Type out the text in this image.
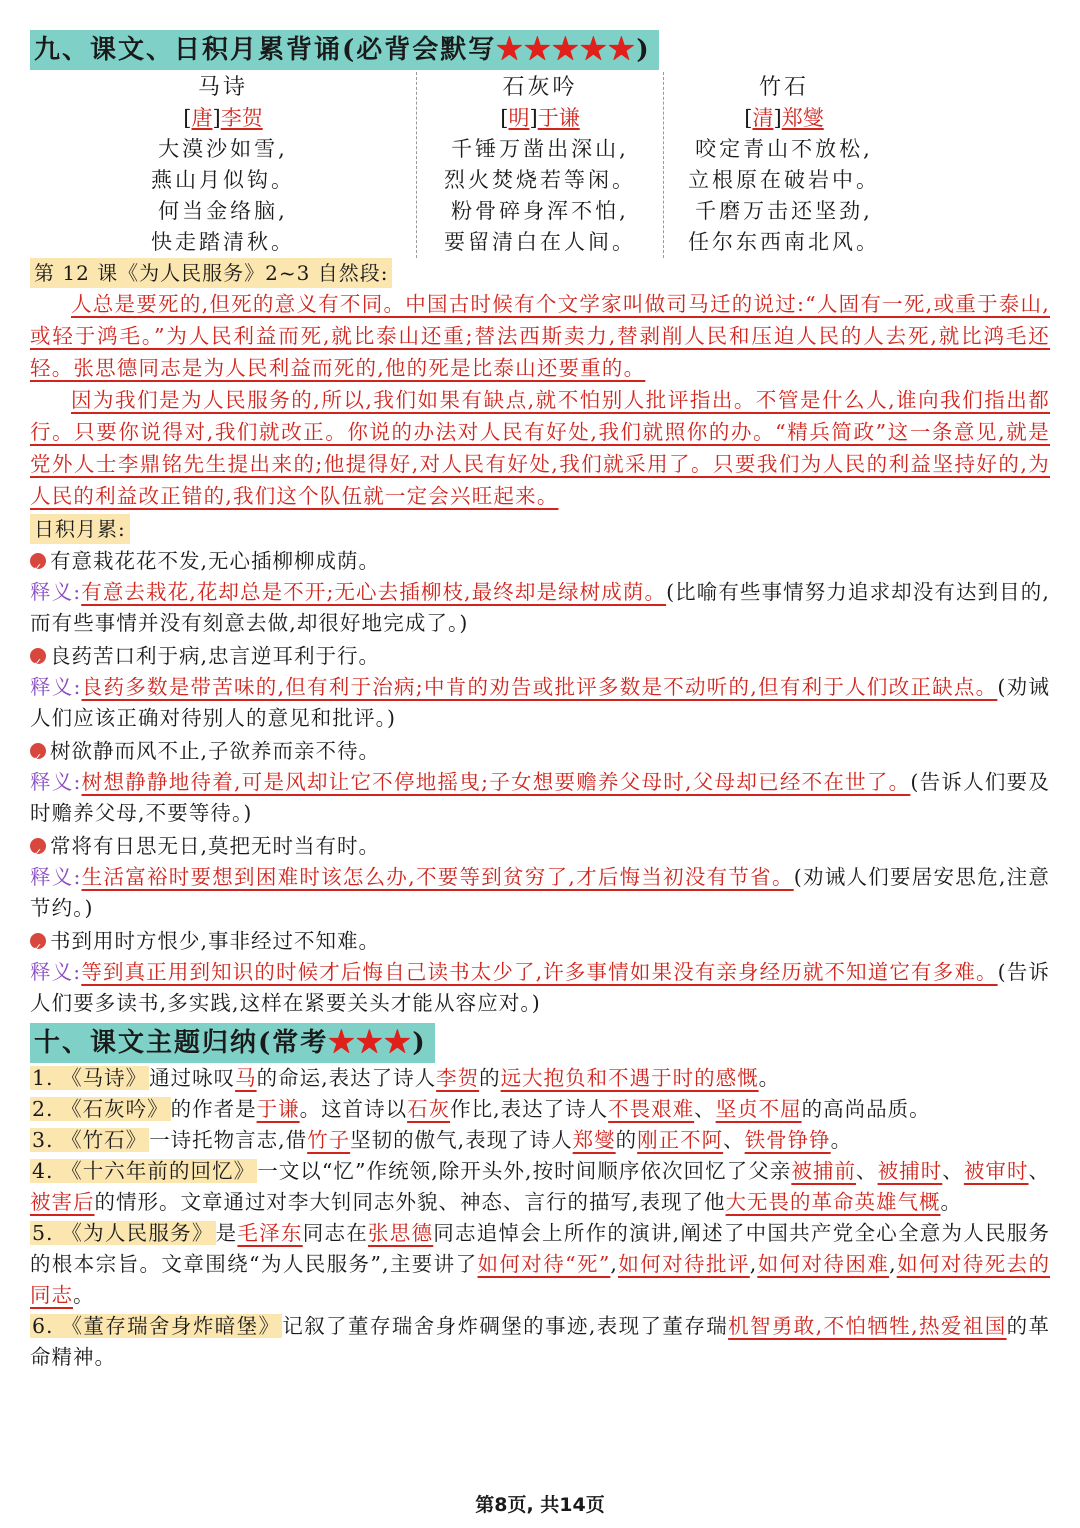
九、课文、日积月累背诵(必背会默写★★★★★)
马诗
[唐]李贺
大漠沙如雪,
燕山月似钩。
何当金络脑,
快走踏清秋。
石灰吟
[明]于谦
千锤万凿出深山,
烈火焚烧若等闲。
粉骨碎身浑不怕,
要留清白在人间。
竹石
[清]郑燮
咬定青山不放松,
立根原在破岩中。
千磨万击还坚劲,
任尔东西南北风。
第 12 课《为人民服务》2~3 自然段:

人总是要死的,但死的意义有不同。中国古时候有个文学家叫做司马迁的说过:“人固有一死,或重于泰山,或轻于鸿毛。”为人民利益而死,就比泰山还重;替法西斯卖力,替剥削人民和压迫人民的人去死,就比鸿毛还轻。张思德同志是为人民利益而死的,他的死是比泰山还要重的。

因为我们是为人民服务的,所以,我们如果有缺点,就不怕别人批评指出。不管是什么人,谁向我们指出都行。只要你说得对,我们就改正。你说的办法对人民有好处,我们就照你的办。“精兵简政”这一条意见,就是党外人士李鼎铭先生提出来的;他提得好,对人民有好处,我们就采用了。只要我们为人民的利益坚持好的,为人民的利益改正错的,我们这个队伍就一定会兴旺起来。

日积月累:

✓有意栽花花不发,无心插柳柳成荫。

释义:有意去栽花,花却总是不开;无心去插柳枝,最终却是绿树成荫。(比喻有些事情努力追求却没有达到目的,而有些事情并没有刻意去做,却很好地完成了。)

✓良药苦口利于病,忠言逆耳利于行。

释义:良药多数是带苦味的,但有利于治病;中肯的劝告或批评多数是不动听的,但有利于人们改正缺点。(劝诫人们应该正确对待别人的意见和批评。)

✓树欲静而风不止,子欲养而亲不待。

释义:树想静静地待着,可是风却让它不停地摇曳;子女想要赡养父母时,父母却已经不在世了。(告诉人们要及时赡养父母,不要等待。)

✓常将有日思无日,莫把无时当有时。

释义:生活富裕时要想到困难时该怎么办,不要等到贫穷了,才后悔当初没有节省。(劝诫人们要居安思危,注意节约。)

✓书到用时方恨少,事非经过不知难。

释义:等到真正用到知识的时候才后悔自己读书太少了,许多事情如果没有亲身经历就不知道它有多难。(告诉人们要多读书,多实践,这样在紧要关头才能从容应对。)

十、课文主题归纳(常考★★★)

1. 《马诗》通过咏叹马的命运,表达了诗人李贺的远大抱负和不遇于时的感慨。

2. 《石灰吟》的作者是于谦。这首诗以石灰作比,表达了诗人不畏艰难、坚贞不屈的高尚品质。

3. 《竹石》一诗托物言志,借竹子坚韧的傲气,表现了诗人郑燮的刚正不阿、铁骨铮铮。

4. 《十六年前的回忆》一文以“忆”作统领,除开头外,按时间顺序依次回忆了父亲被捕前、被捕时、被审时、被害后的情形。文章通过对李大钊同志外貌、神态、言行的描写,表现了他大无畏的革命英雄气概。

5. 《为人民服务》是毛泽东同志在张思德同志追悼会上所作的演讲,阐述了中国共产党全心全意为人民服务的根本宗旨。文章围绕“为人民服务”,主要讲了如何对待“死”,如何对待批评,如何对待困难,如何对待死去的同志。

6. 《董存瑞舍身炸暗堡》记叙了董存瑞舍身炸碉堡的事迹,表现了董存瑞机智勇敢,不怕牺牲,热爱祖国的革命精神。

第8页, 共14页
